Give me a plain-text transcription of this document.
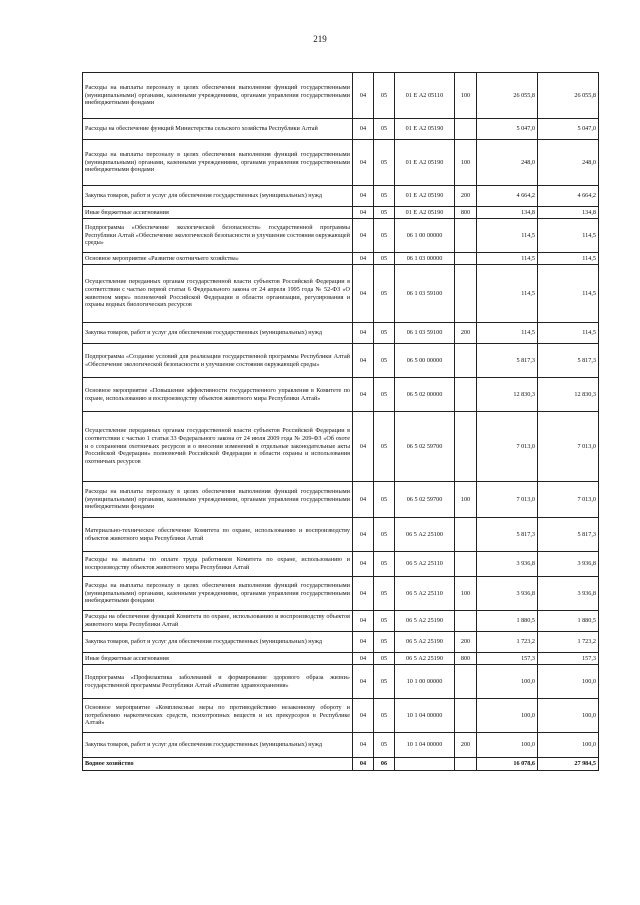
219
Расходы на выплаты персоналу в целях обеспечения выполнения функций государственными (муниципальными) органами, казенными учреждениями, органами управления государственными внебюджетными фондами	04	05	01 Е А2 05110	100	26 055,8	26 055,8
Расходы на обеспечение функций Министерства сельского хозяйства Республики Алтай	04	05	01 Е А2 05190		5 047,0	5 047,0
Расходы на выплаты персоналу в целях обеспечения выполнения функций государственными (муниципальными) органами, казенными учреждениями, органами управления государственными внебюджетными фондами	04	05	01 Е А2 05190	100	248,0	248,0
Закупка товаров, работ и услуг для обеспечения государственных (муниципальных) нужд	04	05	01 Е А2 05190	200	4 664,2	4 664,2
Иные бюджетные ассигнования	04	05	01 Е А2 05190	800	134,8	134,8
Подпрограмма «Обеспечение экологической безопасности» государственной программы Республики Алтай «Обеспечение экологической безопасности и улучшение состояния окружающей среды»	04	05	06 1 00 00000		114,5	114,5
Основное мероприятие «Развитие охотничьего хозяйства»	04	05	06 1 03 00000		114,5	114,5
Осуществление переданных органам государственной власти субъектов Российской Федерации в соответствии с частью первой статьи 6 Федерального закона от 24 апреля 1995 года № 52-ФЗ «О животном мире» полномочий Российской Федерации в области организации, регулирования и охраны водных биологических ресурсов	04	05	06 1 03 59100		114,5	114,5
Закупка товаров, работ и услуг для обеспечения государственных (муниципальных) нужд	04	05	06 1 03 59100	200	114,5	114,5
Подпрограмма «Создание условий для реализации государственной программы Республики Алтай «Обеспечение экологической безопасности и улучшение состояния окружающей среды»	04	05	06 5 00 00000		5 817,3	5 817,3
Основное мероприятие «Повышение эффективности государственного управления в Комитете по охране, использованию и воспроизводству объектов животного мира Республики Алтай»	04	05	06 5 02 00000		12 830,3	12 830,3
Осуществление переданных органам государственной власти субъектов Российской Федерации в соответствии с частью 1 статьи 33 Федерального закона от 24 июля 2009 года № 209-ФЗ «Об охоте и о сохранении охотничьих ресурсов и о внесении изменений в отдельные законодательные акты Российской Федерации» полномочий Российской Федерации в области охраны и использования охотничьих ресурсов	04	05	06 5 02 59700		7 013,0	7 013,0
Расходы на выплаты персоналу в целях обеспечения выполнения функций государственными (муниципальными) органами, казенными учреждениями, органами управления государственными внебюджетными фондами	04	05	06 5 02 59700	100	7 013,0	7 013,0
Материально-техническое обеспечение Комитета по охране, использованию и воспроизводству объектов животного мира Республики Алтай	04	05	06 5 А2 25100		5 817,3	5 817,3
Расходы на выплаты по оплате труда работников Комитета по охране, использованию и воспроизводству объектов животного мира Республики Алтай	04	05	06 5 А2 25110		3 936,8	3 936,8
Расходы на выплаты персоналу в целях обеспечения выполнения функций государственными (муниципальными) органами, казенными учреждениями, органами управления государственными внебюджетными фондами	04	05	06 5 А2 25110	100	3 936,8	3 936,8
Расходы на обеспечение функций Комитета по охране, использованию и воспроизводству объектов животного мира Республики Алтай	04	05	06 5 А2 25190		1 880,5	1 880,5
Закупка товаров, работ и услуг для обеспечения государственных (муниципальных) нужд	04	05	06 5 А2 25190	200	1 723,2	1 723,2
Иные бюджетные ассигнования	04	05	06 5 А2 25190	800	157,3	157,3
Подпрограмма «Профилактика заболеваний и формирование здорового образа жизни» государственной программы Республики Алтай «Развитие здравоохранения»	04	05	10 1 00 00000		100,0	100,0
Основное мероприятие «Комплексные меры по противодействию незаконному обороту и потреблению наркотических средств, психотропных веществ и их прекурсоров в Республике Алтай»	04	05	10 1 04 00000		100,0	100,0
Закупка товаров, работ и услуг для обеспечения государственных (муниципальных) нужд	04	05	10 1 04 00000	200	100,0	100,0
Водное хозяйство	04	06			16 078,6	27 984,5
